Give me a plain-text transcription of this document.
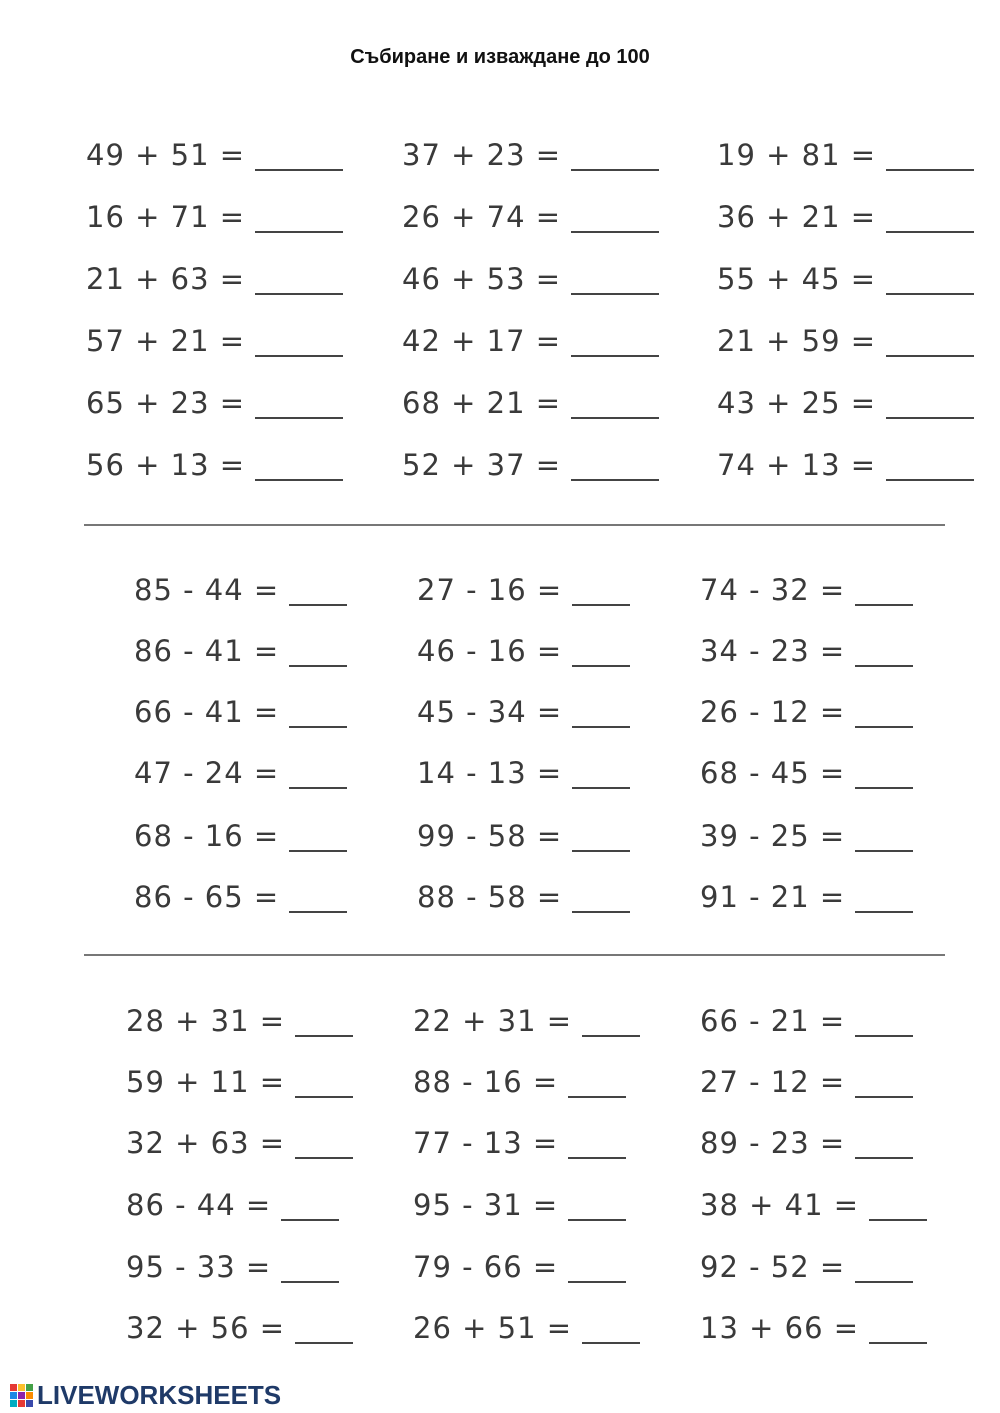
Събиране и изваждане до 100
49 + 51 =
16 + 71 =
21 + 63 =
57 + 21 =
65 + 23 =
56 + 13 =
37 + 23 =
26 + 74 =
46 + 53 =
42 + 17 =
68 + 21 =
52 + 37 =
19 + 81 =
36 + 21 =
55 + 45 =
21 + 59 =
43 + 25 =
74 + 13 =
85 - 44 =
86 - 41 =
66 - 41 =
47 - 24 =
68 - 16 =
86 - 65 =
27 - 16 =
46 - 16 =
45 - 34 =
14 - 13 =
99 - 58 =
88 - 58 =
74 - 32 =
34 - 23 =
26 - 12 =
68 - 45 =
39 - 25 =
91 - 21 =
28 + 31 =
59 + 11 =
32 + 63 =
86 - 44 =
95 - 33 =
32 + 56 =
22 + 31 =
88 - 16 =
77 - 13 =
95 - 31 =
79 - 66 =
26 + 51 =
66 - 21 =
27 - 12 =
89 - 23 =
38 + 41 =
92 - 52 =
13 + 66 =
LIVEWORKSHEETS
